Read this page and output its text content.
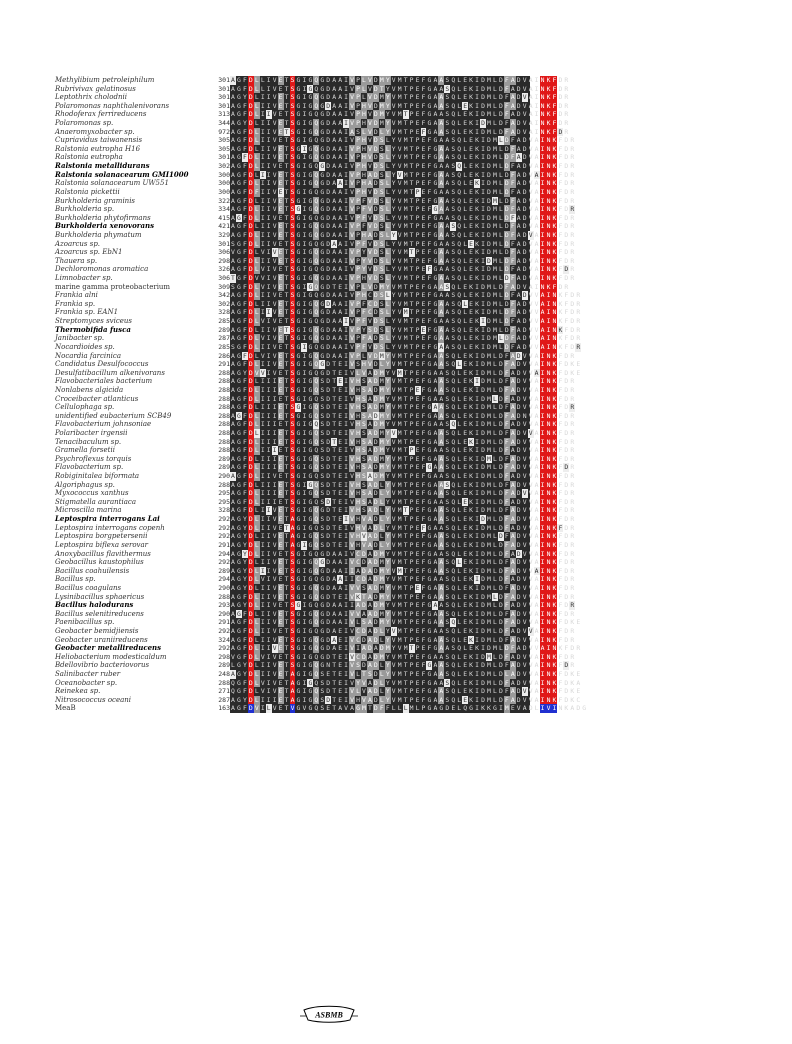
Methylibium petroleiphilum	301 A G F D L L I V E T S G I G Q G D A A I V P L V D M Y V M T P E F G A A S Q L E K I D M L D F A D V A I N K F D R
Rubrivivax gelatinosus	301 A G F D L L I V E T S G I G Q G D A A I V P L V D T Y V M T P E F G A A S Q L E K I D M L D F A D V A I N K F D R
Leptothrix cholodnii	301 A G Y D L I I V E T S G I G Q G D A A I V P L V D M Y V M T P E F G A A S Q L E K I D M L D F A D V A I N K F D R
Polaromonas naphthalenivorans	301 A G F D L I I V E T S G I G Q G D A A I V P H V D M Y V M T P E F G A A S Q L E K I D M L D F A D V A I N K F D R
Rhodoferax ferrireducens	313 A G F D L I I V E T S G I G Q G D A A I V P H V D M Y V M T P E F G A A S Q L E K I D M L D F A D V A I N K F D R
Polaromonas sp.	344 A G Y D L I I V E T S G I G Q G D A A I V P H V D M Y V M T P E F G A A S Q L E K I D M L D F A D V A I N K F D R
Anaeromyxobacter sp.	972 A G F D L I I V E T S G I G Q G D A A I A S L V D L Y V M T P E F G A A S Q L E K I D M L D F A D V A I N K F D R
Cupriavidus taiwanensis	305 A G F D L I I V E T S G I G Q G D A A I V P H V D S L Y V M T P E F G A A S Q L E K I D M L D F A D V A I N K F D R
Ralstonia eutropha H16	305 A G F D L I I V E T S G I G Q G D A A I V P H V D S L Y V M T P E F G A A S Q L E K I D M L D F A D V A I N K F D R
Ralstonia eutropha	301 A G F D L I I V E T S G I G Q G D A A I V P H V D S L Y V M T P E F G A A S Q L E K I D M L D F A D V A I N K F D R
Ralstonia metallidurans	302 A G F D L I I V E T S G I G Q G D A A I V P H V D S L Y V M T P E F G A A S Q L E K I D M L D F A D V A I N K F D R
Ralstonia solanacearum GMI1000	300 A G F D L I I V E T S G I G Q G D A A I V P H A D S L Y V M T P E F G A A S Q L E K I D M L D F A D V A I N K F D R
Ralstonia solanacearum UW551	300 A G F D L I I V E T S G I G Q G D A A I V P H A D S L Y V M T P E F G A A S Q L E K I D M L D F A D V A I N K F D R
Ralstonia pickettii	300 A G F D F I I V E T S G I G Q G D A A I V P H V D S L Y V M T P E F G A A S Q L E K I D M L D F A D V A I N K F D R
Burkholderia graminis	322 A G F D L I I V E T S G I G Q G D A A I V P F V D S L Y V M T P E F G A A S Q L E K I D M L D F A D V A I N K F D R
Burkholderia sp.	334 A G F D L I I V E T S G I G Q G D A A I V P F V D S L Y V M T P E F G A A S Q L E K I D M L D F A D V A I N K F D R
Burkholderia phytofirmans	415 A G F D L I I V E T S G I G Q G D A A I V P F V D S L Y V M T P E F G A A S Q L E K I D M L D F A D V A I N K F D R
Burkholderia xenovorans	421 A G F D L I I V E T S G I G Q G D A A I V P F V D S L Y V M T P E F G A A S Q L E K I D M L D F A D V A I N K F D R
Burkholderia phymatum	329 A G F D L I I V E T S G I G Q G D A A I V P H A D S L Y V M T P E F G A A S Q L E K I D M L D F A D V A I N K F D R
Azoarcus sp.	301 S G F D L I I V E T S G I G Q G D A A I V P F V D S L Y V M T P E F G A A S Q L E K I D M L D F A D V A I N K F D R
Azoarcus sp. EbN1	306 V G F D L V I V E T S G I G Q G D A A I V P Y V D S L Y V M T P E F G A A S Q L E K I D M L D F A D V A I N K F D R
Thauera sp.	298 A G F D L I I V E T S G I G Q G D A A I V P Y V D S L Y V M T P E F G A A S Q L E K I D M L D F A D V A I N K F D R
Dechloromonas aromatica	326 A G F D L V I V E T S G I G Q G D A A I V P Y V D S L Y V M T P E F G A A S Q L E K I D M L D F A D V A I N K F D R
Limnobacter sp.	306 T G F D V V I V E T S G I G Q G D A A I V P H V D S L Y V M T P E F G A A S Q L E K I D M L D F A D V A I N K F D R
marine gamma proteobacterium	309 S G F D L V I V E T S G I G Q G D T E I V P L V D M Y V M T P E F G A A S Q L E K I D M L D F A D V A I N K F D R
Frankia alni	342 A G F D L I I V E T S G I G Q G D A A I V P H C D S L Y V M T P E F G A A S Q L E K I D M L D F A D V V A I N K F D R
Frankia sp.	302 A G F D L I I V E T S G I G Q G D A A I V P F C D S L Y V M T P E F G A A S Q L E K I D M L D F A D V V A I N K F D R
Frankia sp. EAN1	328 A G F D L I I V E T S G I G Q G D A A I V P F C D S L Y V M T P E F G A A S Q L E K I D M L D F A D V V A I N K F D R
Streptomyces sviceus	285 A G F D L V I V E T S G I G Q G D A A I V P F V D S L Y V M T P E F G A A S Q L E K I D M L D F A D V V A I N K F D R
Thermobifida fusca	289 A G F D L I I V E T S G I G Q G D A A I V P Y S D S L Y V M T P E F G A A S Q L E K I D M L D F A D V V A I N K F D R
Janibacter sp.	287 A G F D L V I V E T S G I G Q G D A A I V P F A D S L Y V M T P E F G A A S Q L E K I D M L D F A D V V A I N K F D R
Nocardioides sp.	285 S G F D L I I V E T S G I G Q G D A A I V P F V D S L Y V M T P E F G A A S Q L E K I D M L D F A D V V A I N K F D R
Nocardia farcinica	286 A G F D L V I V E T S G I G Q G D A A I V P L V D M Y V M T P E F G A A S Q L E K I D M L D F A D V V A I N K F D R
Candidatus Desulfococcus	291 A G F D L I I V E T S G I G Q G D T E I V S H V D L Y V M T P E F G A A S Q L E K I D M L D F A D V V A I N K F D K E
Desulfatibacillum alkenivorans	288 A G Y D V V I V E T S G I G Q G D T E I V L V A D M Y V M T P E F G A A S Q L E K I D M L D F A D V V A I N K F D K E
Flavobacteriales bacterium	288 A G F D L I I I E T S G I G Q S D T E I V H S A D M Y V M T P E F G A A S Q L E K I D M L D F A D V V A I N K F D R
Nonlabens algicida	288 A G F D L I I I E T S G I G Q S D T E I V H S A D M Y V M T P E F G A A S Q L E K I D M L D F A D V V A I N K F D R
Croceibacter atlanticus	288 A G F D L I I I E T S G I G Q S D T E I V H S A D M Y V M T P E F G A A S Q L E K I D M L D F A D V V A I N K F D R
Cellulophaga sp.	288 A G F D L I I I E T S G I G Q S D T E I V H S A D M Y V M T P E F G A A S Q L E K I D M L D F A D V V A I N K F D R
unidentified eubacterium SCB49	288 A G F D L I I I E T S G I G Q S D T E I V H S A D M Y V M T P E F G A A S Q L E K I D M L D F A D N V A I N K F D R
Flavobacterium johnsoniae	288 A G F D L I I I E T S G I G Q S D T E I V H S A D M Y V M T P E F G A A S Q L E K I D M L D F A D V V A I N K F D R
Polaribacter irgensii	288 A G F D L I I I E T S G I G Q S D T E I V H S A D M Y V M T P E F G A A S Q L E K I D M L D F A D V V A I N K F D R
Tenacibaculum sp.	288 A G F D L I I I E T S G I G Q S D T E I V H S A D M Y V M T P E F G A A S Q L E K I D M L D F A D V V A I N K F D R
Gramella forsetii	288 A G F D L I I I E T S G I G Q S D T E I V H S A D M Y V M T P E F G A A S Q L E K I D M L D F A D V V A I N K F D R
Psychroflexus torquis	289 A G F D L I I I E T S G I G Q S D T E I V H S A D M Y V M T P E F G A A S Q L E K I D M L D F A D V V A I N K F D R
Flavobacterium sp.	289 A G F D L I I I E T S G I G Q S D T E I V H S A D M Y V M T P E F G A A S Q L E K I D M L D F A D V V A I N K F D R
Robiginitalea biformata	290 A G F D L I I V E T S G I G Q S D T E I V H S A D M Y V M T P E F G A A S Q L E K I D M L D F A D V V A I N K F D R
Algoriphagus sp.	288 A G F D L I I I E T S G I G Q S D T E I V H S A D L Y V M T P E F G A A S Q L E K I D M L D F A D V V A I N K F D R
Myxococcus xanthus	295 A G F D L I I I E T S G I G Q S D T E I V H S A D L Y V M T P E F G A A S Q L E K I D M L D F A D V V A I N K F D R
Stigmatella aurantiaca	295 A G F D L I I I E T S G I G Q S D T E I V H S A D L Y V M T P E F G A A S Q L E K I D M L D F A D V V A I N K F D R
Microscilla marina	328 A G F D L I I V E T S G I G Q G D T E I V H S A D L Y V M T P E F G A A S Q L E K I D M L D F A D V V A I N K F D R
Leptospira interrogans Lai	292 A G Y D L I I V E T A G I G Q S D T E I V H V A D L Y V M T P E F G A A S Q L E K I D M L D F A D V V A I N K F D R
Leptospira interrogans copenh	292 A G Y D L I I V E T A G I G Q S D T E I V H V A D L Y V M T P E F G A A S Q L E K I D M L D F A D V V A I N K F D R
Leptospira borgpetersenii	292 A G Y D L I I V E T A G I G Q S D T E I V H V A D L Y V M T P E F G A A S Q L E K I D M L D F A D V V A I N K F D R
Leptospira biflexa serovar	291 A G Y D L I I V E T A G I G Q S D T E I V H V A D L Y V M T P E F G A A S Q L E K I D M L D F A D V V A I N K F D R
Anoxybacillus flavithermus	294 A G Y D L I I V E T S G I G Q G D A A I V C D A D M Y V M T P E F G A A S Q L E K I D M L D F A D V V A I N K F D R
Geobacillus kaustophilus	292 A G Y D L I I V E T S G I G Q G D A A I V C D A D M Y V M T P E F G A A S Q L E K I D M L D F A D V V A I N K F D R
Bacillus coahuilensis	289 A G Y D L I I V E T S G I G Q G D A A I I A D A D M Y V M T P E F G A A S Q L E K I D M L D F A D V V A I N K F D R
Bacillus sp.	294 A G Y D L V I V E T S G I G Q G D A A I I C D A D M Y V M T P E F G A A S Q L E K I D M L D F A D V V A I N K F D R
Bacillus coagulans	290 A G Y D L I I V E T S G I G Q G D A A I V V S A D M Y V M T P E F G A A S Q L E K I D M L D F A D V V A I N K F D R
Lysinibacillus sphaericus	288 A G F D L I I V E T S G I G Q G D T E I V K T A D M Y V M T P E F G A A S Q L E K I D M L D F A D V V A I N K F D R
Bacillus halodurans	293 A G Y D L I I V E T S G I G Q G D A A I I A D A D M Y V M T P E F G A A S Q L E K I D M L D F A D V V A I N K F D R
Bacillus selenitireducens	290 A G F D L I I V E T S G I G Q G D A A I V V A A D M Y V M T P E F G A A S Q L E K I D M L D F A D V V A I N K F D R
Paenibacillus sp.	291 A G F D L I I V E T S G I G Q G D A A I V L S A D M Y V M T P E F G A A S Q L E K I D M L D F A D V V A I N K F D K E
Geobacter bemidjiensis	292 A G F D L I I V E T S G I G Q G D A E I V C D A D L Y V M T P E F G A A S Q L E K I D M L D F A D V V A I N K F D R
Geobacter uraniireducens	324 A G F D L I I V E T S G I G Q G D A E I V C D A D L Y V M T P E F G A A S Q L E K I D M L D F A D V V A I N K F D R
Geobacter metallireducens	292 A G F D L I I V E T S G I G Q G D A E I V I A D A D M Y V M T P E F G A A S Q L E K I D M L D F A D V V A I N K F D R
Heliobacterium modesticaldum	298 V G F D L V I V E T S G I G Q G D T E I V C D A D M Y V M T P E F G A A S Q L E K I D M L D F A D V V A I N K F D R
Bdellovibrio bacteriovorus	289 L G Y D L I I V E T S G I G Q G N T E I V S D A D L Y V M T P E F G A A S Q L E K I D M L D F A D V V A I N K F D R
Salinibacter ruber	248 A G Y D L I I V E T A G I G Q S E T E I V L T S D L Y V M T P E F G A A S Q L E K I D M L D L A D V V A I N K F D K E
Oceanobacter sp.	288 Q G F D L V I V E T A G I G Q S D T E I V Y V A D L Y V M T P E F G A A S Q L E K I D M L D F A D V V A I N K F D K A
Reinekea sp.	271 Q G F D L V I V E T A G I G Q S D T E I V L V A D L Y V M T P E F G A A S Q L E K I D M L D F A D V V A I N K F D K E
Nitrosococcus oceani	287 A G Y D L I I I E T A G I G Q S D T E I V H V A D L Y V M T P E F G A A S Q L E K I D M L D F A D V V A I N K F D K C
MeaB	163 A G F D V I L V E T V G V G Q S E T A V A G M T D F F L L L M L P G A G D E L Q G I K K G I M E V A D L I V I N K A D G
ASBMB
